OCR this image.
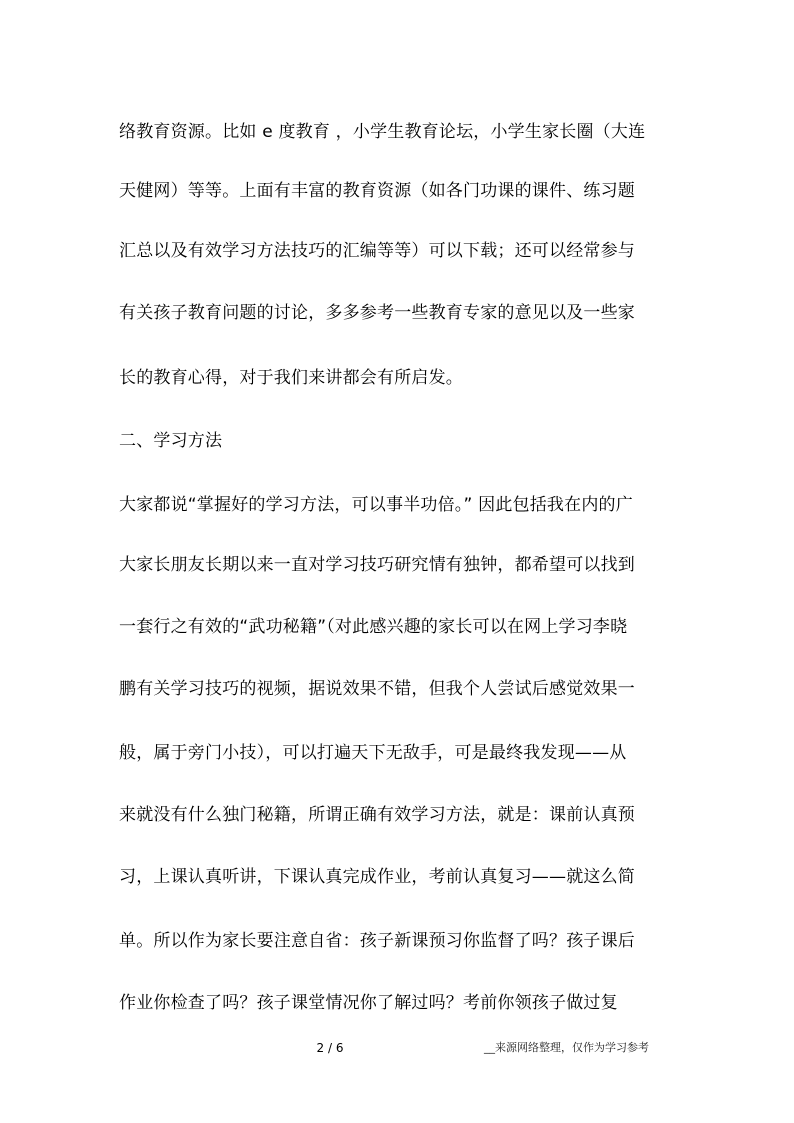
络教育资源。比如 e 度教育 ，小学生教育论坛，小学生家长圈（大连
天健网）等等。上面有丰富的教育资源（如各门功课的课件、练习题
汇总以及有效学习方法技巧的汇编等等）可以下载；还可以经常参与
有关孩子教育问题的讨论，多多参考一些教育专家的意见以及一些家
长的教育心得，对于我们来讲都会有所启发。
二、学习方法
大家都说“掌握好的学习方法，可以事半功倍。” 因此包括我在内的广
大家长朋友长期以来一直对学习技巧研究情有独钟，都希望可以找到
一套行之有效的“武功秘籍”（对此感兴趣的家长可以在网上学习李晓
鹏有关学习技巧的视频，据说效果不错，但我个人尝试后感觉效果一
般，属于旁门小技），可以打遍天下无敌手，可是最终我发现——从
来就没有什么独门秘籍，所谓正确有效学习方法，就是：课前认真预
习，上课认真听讲，下课认真完成作业，考前认真复习——就这么简
单。所以作为家长要注意自省：孩子新课预习你监督了吗？孩子课后
作业你检查了吗？孩子课堂情况你了解过吗？考前你领孩子做过复
2 / 6	__来源网络整理，仅作为学习参考
